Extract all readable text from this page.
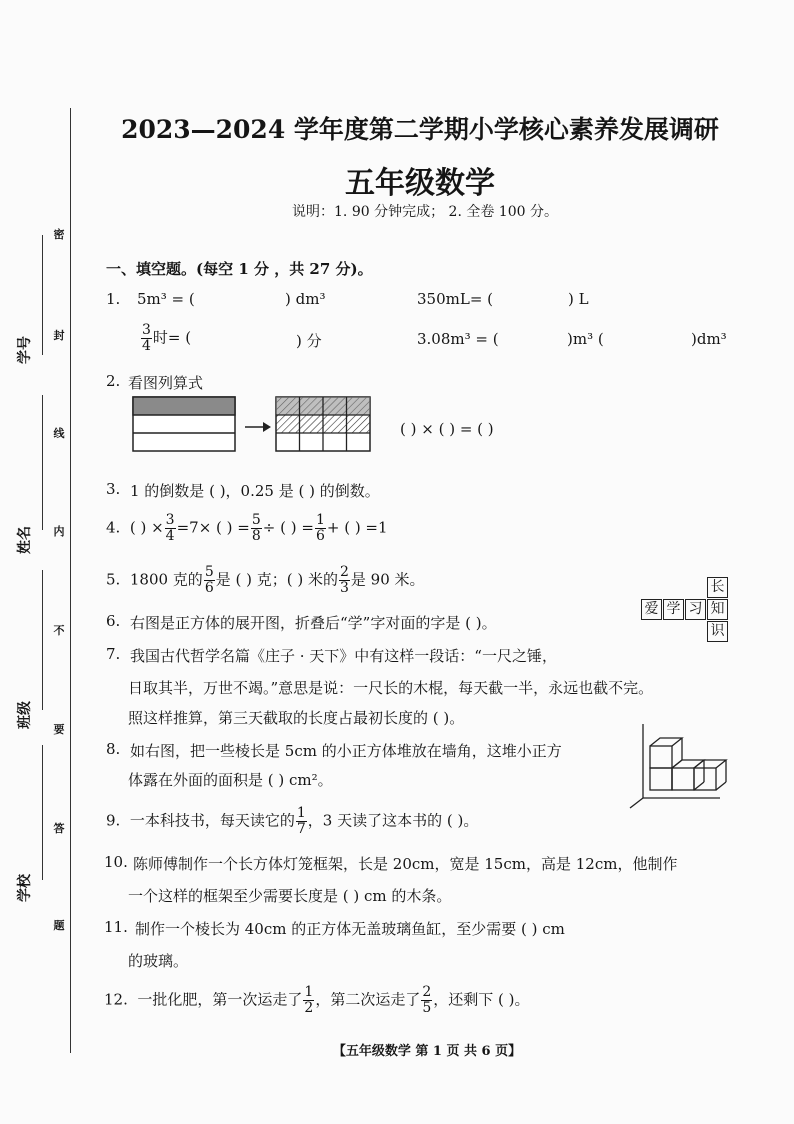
密
封
线
内
不
要
答
题
学号
姓名
班级
学校
2023—2024 学年度第二学期小学核心素养发展调研
五年级数学
说明：1. 90 分钟完成； 2. 全卷 100 分。
一、填空题。(每空 1 分 ，共 27 分)。
1. 5m³ = (	) dm³	350mL= (	) L
$\frac{3}{4}$ 时= (	) 分	3.08m³ = (	)m³ (	)dm³
2. 看图列算式
( ) × ( ) = ( )
3. 1 的倒数是 ( )，0.25 是 ( ) 的倒数。
4. ( ) × $\frac{3}{4} =7\times$ ( ) = $\frac{5}{8}$ ÷ ( ) = $\frac{1}{6}$ + ( ) =1
5. 1800 克的 $\frac{5}{6}$ 是 ( ) 克；( ) 米的 $\frac{2}{3}$ 是 90 米。
6. 右图是正方体的展开图，折叠后“学”字对面的字是 ( )。
长
爱 学 习 知
识
7. 我国古代哲学名篇《庄子 · 天下》中有这样一段话：“一尺之锤，
日取其半，万世不竭。”意思是说：一尺长的木棍，每天截一半，永远也截不完。
照这样推算，第三天截取的长度占最初长度的 ( )。
8. 如右图，把一些棱长是 5cm 的小正方体堆放在墙角，这堆小正方
体露在外面的面积是 ( ) cm²。
9. 一本科技书，每天读它的 $\frac{1}{7}$ ，3 天读了这本书的 ( )。
10. 陈师傅制作一个长方体灯笼框架，长是 20cm，宽是 15cm，高是 12cm，他制作
一个这样的框架至少需要长度是 ( ) cm 的木条。
11. 制作一个棱长为 40cm 的正方体无盖玻璃鱼缸，至少需要 ( ) cm
的玻璃。
12. 一批化肥，第一次运走了 $\frac{1}{2}$ ，第二次运走了 $\frac{2}{5}$ ，还剩下 ( )。
【五年级数学 第 1 页 共 6 页】
